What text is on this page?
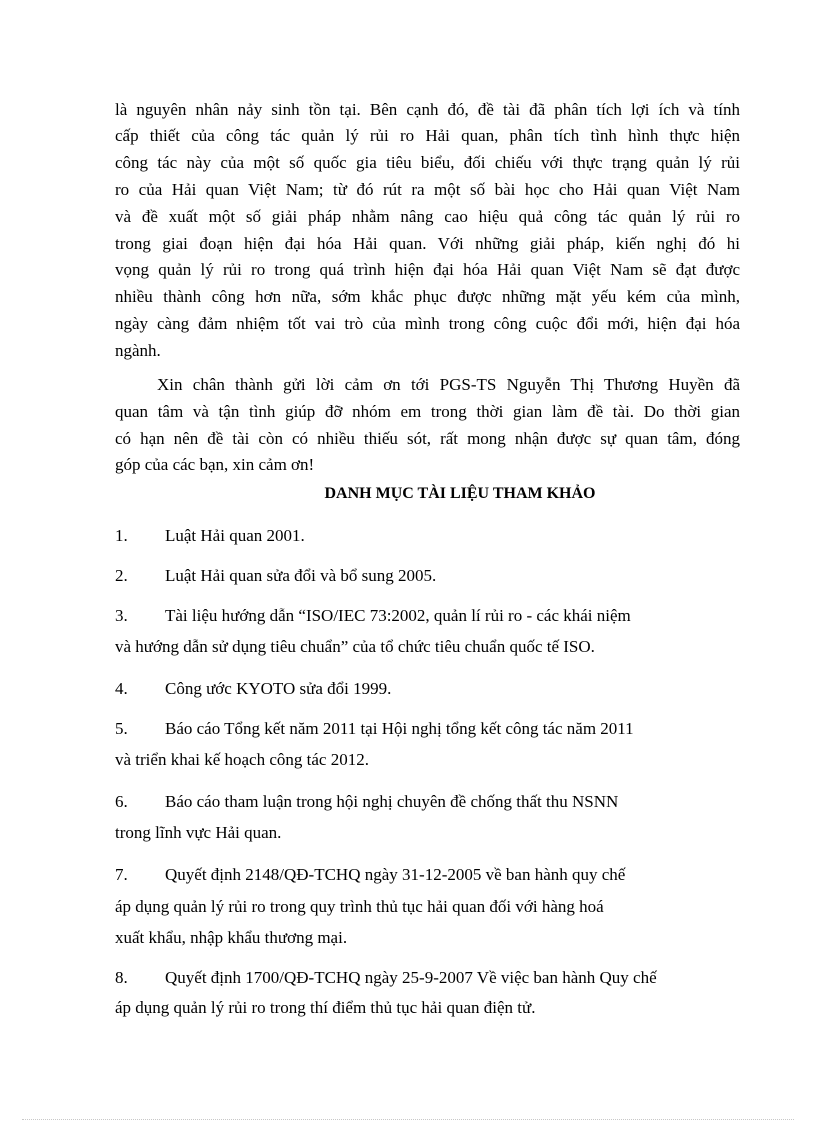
là nguyên nhân nảy sinh tồn tại. Bên cạnh đó, đề tài đã phân tích lợi ích và tính
cấp thiết của công tác quản lý rủi ro Hải quan, phân tích tình hình thực hiện
công tác này của một số quốc gia tiêu biểu, đối chiếu với thực trạng quản lý rủi
ro của Hải quan Việt Nam; từ đó rút ra một số bài học cho Hải quan Việt Nam
và đề xuất một số giải pháp nhằm nâng cao hiệu quả công tác quản lý rủi ro
trong giai đoạn hiện đại hóa Hải quan. Với những giải pháp, kiến nghị đó hi
vọng quản lý rủi ro trong quá trình hiện đại hóa Hải quan Việt Nam sẽ đạt được
nhiều thành công hơn nữa, sớm khắc phục được những mặt yếu kém của mình,
ngày càng đảm nhiệm tốt vai trò của mình trong công cuộc đổi mới, hiện đại hóa
ngành.
Xin chân thành gửi lời cảm ơn tới PGS-TS Nguyễn Thị Thương Huyền đã
quan tâm và tận tình giúp đỡ nhóm em trong thời gian làm đề tài. Do thời gian
có hạn nên đề tài còn có nhiều thiếu sót, rất mong nhận được sự quan tâm, đóng
góp của các bạn, xin cảm ơn!
DANH MỤC TÀI LIỆU THAM KHẢO
1. Luật Hải quan 2001.
2. Luật Hải quan sửa đổi và bổ sung 2005.
3. Tài liệu hướng dẫn “ISO/IEC 73:2002, quản lí rủi ro - các khái niệm
và hướng dẫn sử dụng tiêu chuẩn” của tổ chức tiêu chuẩn quốc tế ISO.
4. Công ước KYOTO sửa đổi 1999.
5. Báo cáo Tổng kết năm 2011 tại Hội nghị tổng kết công tác năm 2011
và triển khai kế hoạch công tác 2012.
6. Báo cáo tham luận trong hội nghị chuyên đề chống thất thu NSNN
trong lĩnh vực Hải quan.
7. Quyết định 2148/QĐ-TCHQ ngày 31-12-2005 về ban hành quy chế
áp dụng quản lý rủi ro trong quy trình thủ tục hải quan đối với hàng hoá
xuất khẩu, nhập khẩu thương mại.
8. Quyết định 1700/QĐ-TCHQ ngày 25-9-2007 Về việc ban hành Quy chế
áp dụng quản lý rủi ro trong thí điểm thủ tục hải quan điện tử.
